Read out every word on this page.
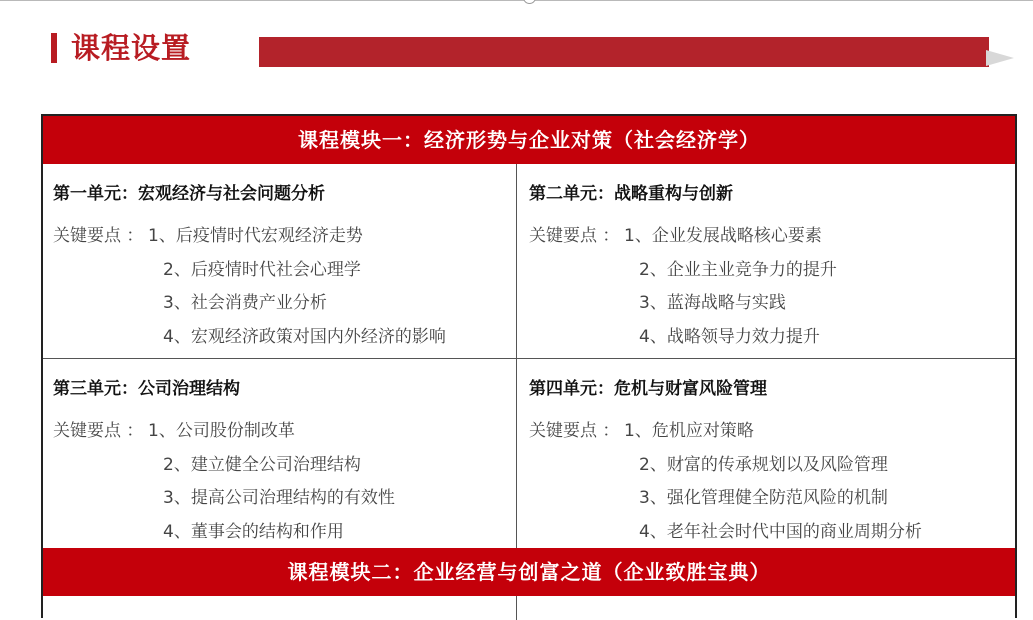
课程设置
课程模块一：经济形势与企业对策（社会经济学）
第一单元：宏观经济与社会问题分析
关键要点 ： 1、后疫情时代宏观经济走势
2、后疫情时代社会心理学
3、社会消费产业分析
4、宏观经济政策对国内外经济的影响
第二单元：战略重构与创新
关键要点 ： 1、企业发展战略核心要素
2、企业主业竞争力的提升
3、蓝海战略与实践
4、战略领导力效力提升
第三单元：公司治理结构
关键要点 ： 1、公司股份制改革
2、建立健全公司治理结构
3、提高公司治理结构的有效性
4、董事会的结构和作用
第四单元：危机与财富风险管理
关键要点 ： 1、危机应对策略
2、财富的传承规划以及风险管理
3、强化管理健全防范风险的机制
4、老年社会时代中国的商业周期分析
课程模块二：企业经营与创富之道（企业致胜宝典）
